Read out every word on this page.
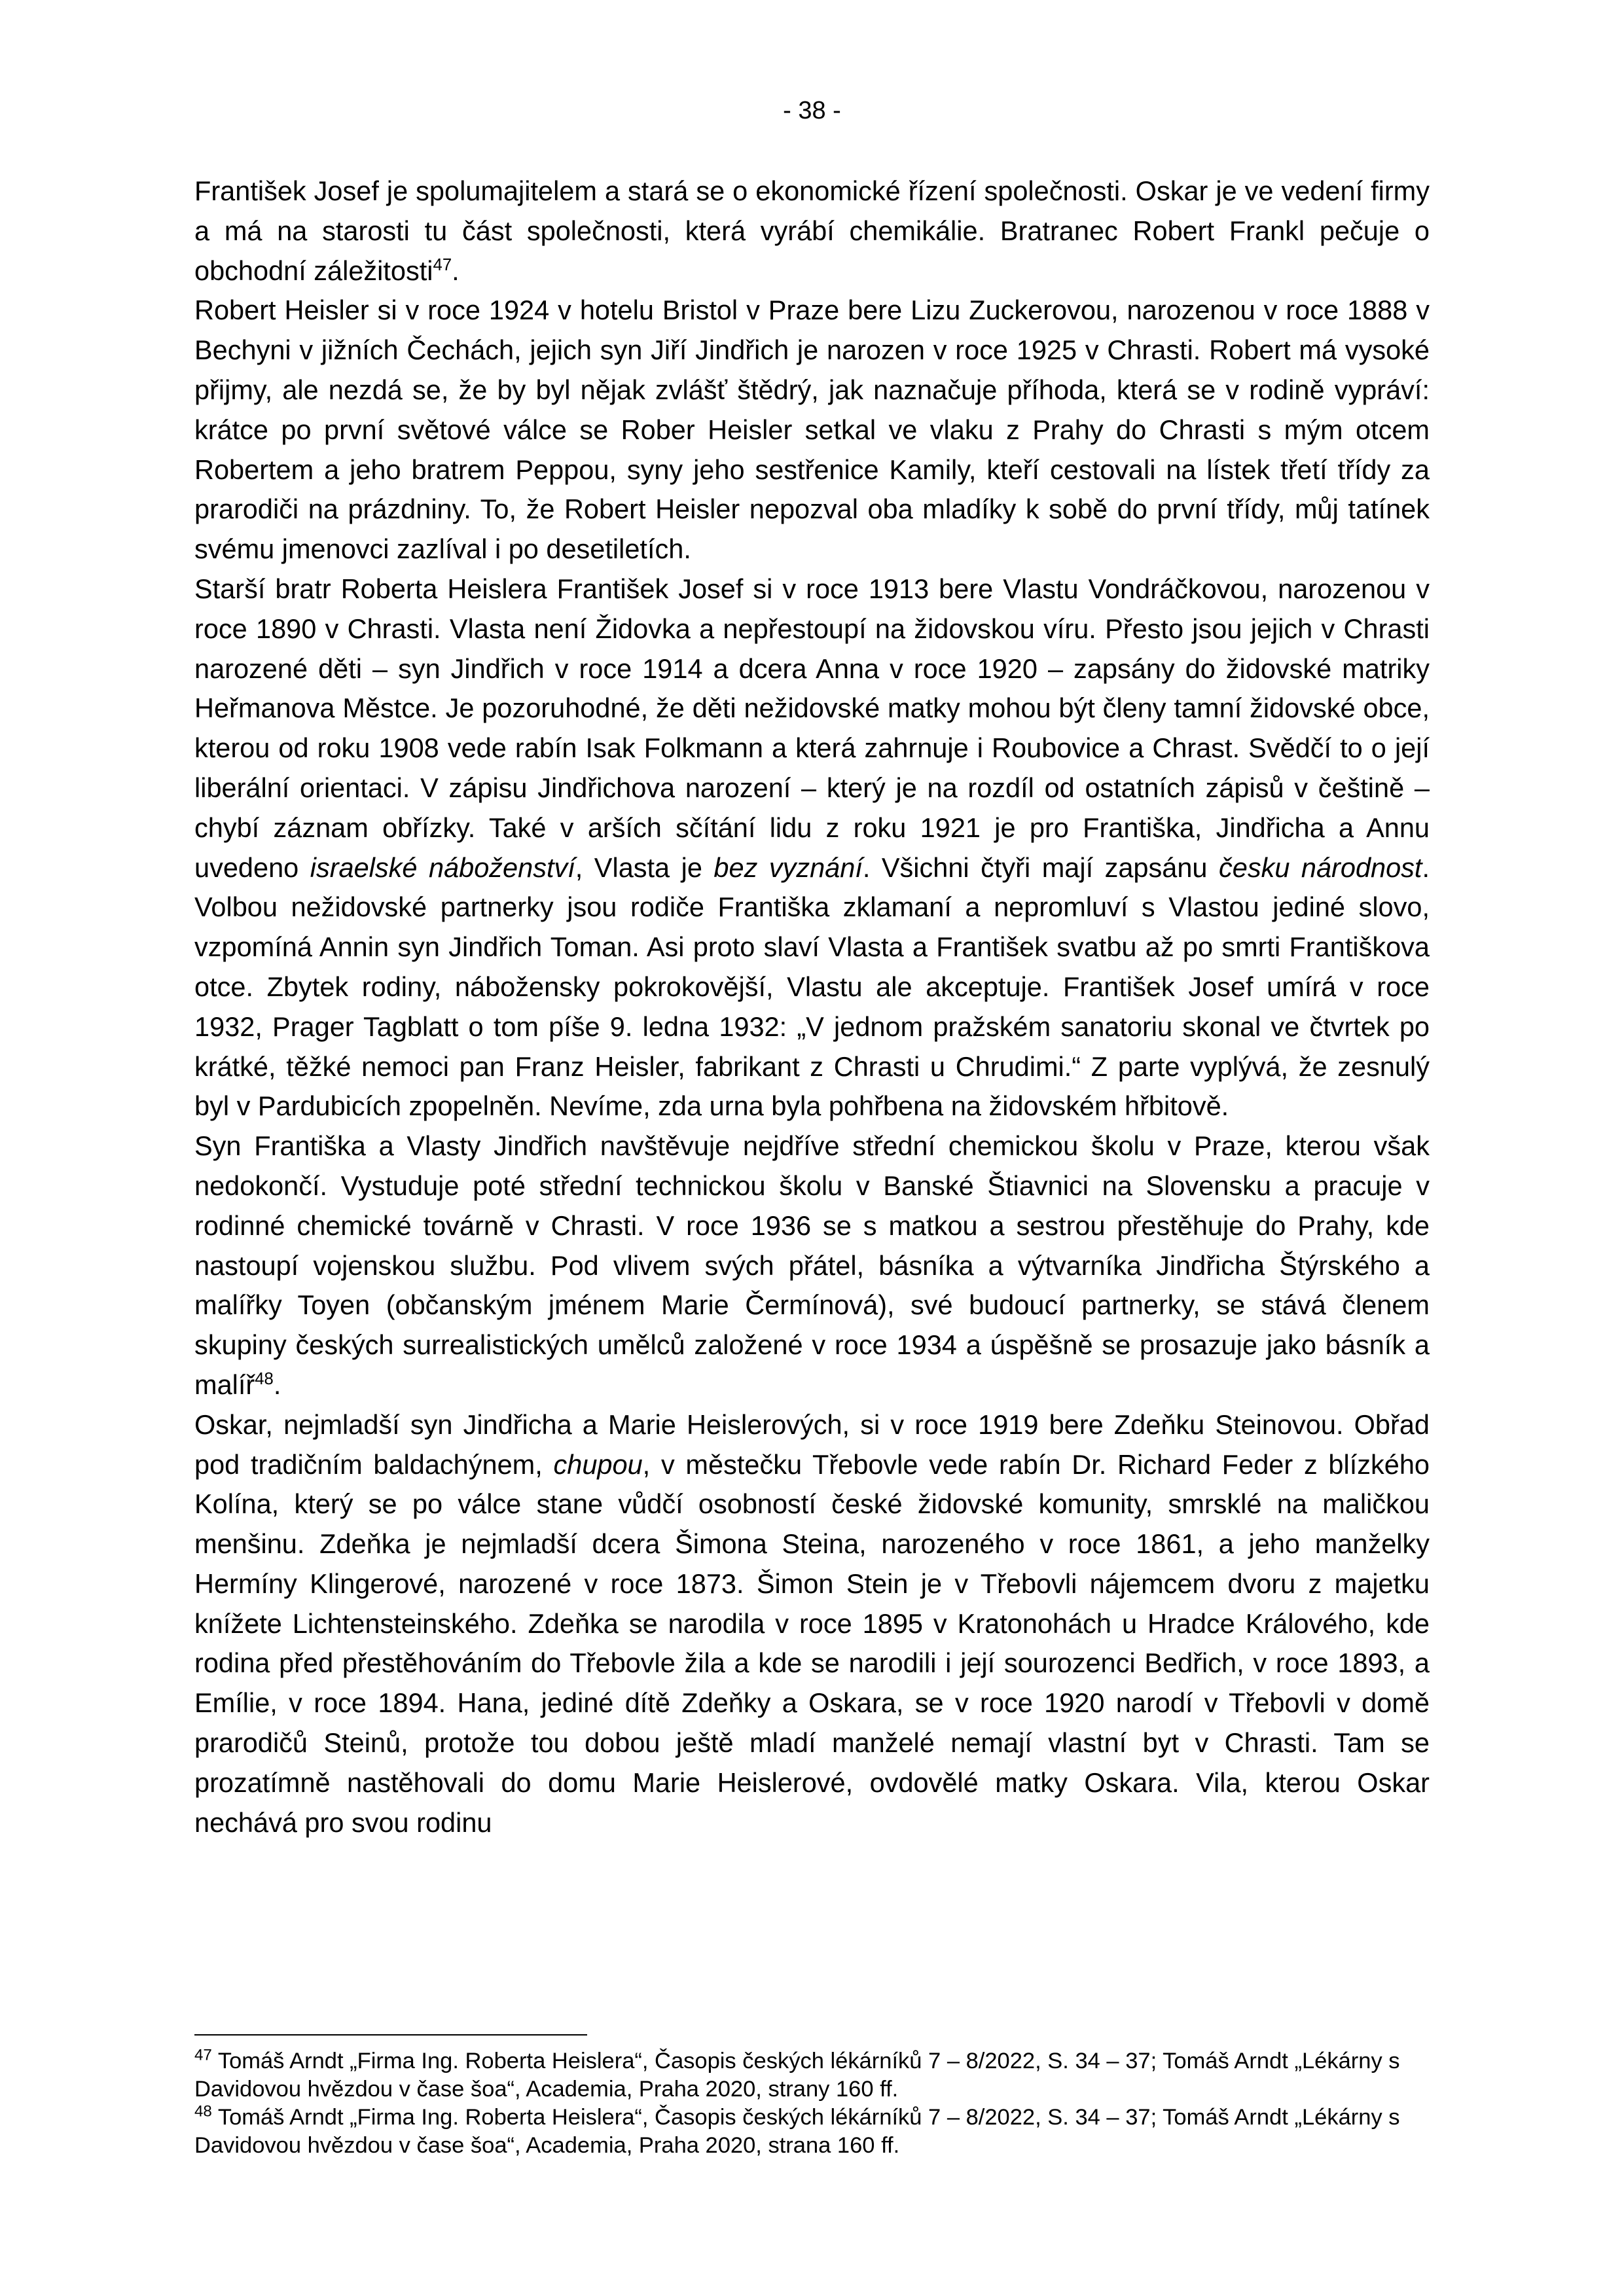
- 38 -

František Josef je spolumajitelem a stará se o ekonomické řízení společnosti. Oskar je ve vedení firmy a má na starosti tu část společnosti, která vyrábí chemikálie. Bratranec Robert Frankl pečuje o obchodní záležitosti$^{47}$.

Robert Heisler si v roce 1924 v hotelu Bristol v Praze bere Lizu Zuckerovou, narozenou v roce 1888 v Bechyni v jižních Čechách, jejich syn Jiří Jindřich je narozen v roce 1925 v Chrasti. Robert má vysoké přijmy, ale nezdá se, že by byl nějak zvlášť štědrý, jak naznačuje příhoda, která se v rodině vypráví: krátce po první světové válce se Rober Heisler setkal ve vlaku z Prahy do Chrasti s mým otcem Robertem a jeho bratrem Peppou, syny jeho sestřenice Kamily, kteří cestovali na lístek třetí třídy za prarodiči na prázdniny. To, že Robert Heisler nepozval oba mladíky k sobě do první třídy, můj tatínek svému jmenovci zazlíval i po desetiletích.

Starší bratr Roberta Heislera František Josef si v roce 1913 bere Vlastu Vondráčkovou, narozenou v roce 1890 v Chrasti. Vlasta není Židovka a nepřestoupí na židovskou víru. Přesto jsou jejich v Chrasti narozené děti – syn Jindřich v roce 1914 a dcera Anna v roce 1920 – zapsány do židovské matriky Heřmanova Městce. Je pozoruhodné, že děti nežidovské matky mohou být členy tamní židovské obce, kterou od roku 1908 vede rabín Isak Folkmann a která zahrnuje i Roubovice a Chrast. Svědčí to o její liberální orientaci. V zápisu Jindřichova narození – který je na rozdíl od ostatních zápisů v češtině – chybí záznam obřízky. Také v arších sčítání lidu z roku 1921 je pro Františka, Jindřicha a Annu uvedeno israelské náboženství, Vlasta je bez vyznání. Všichni čtyři mají zapsánu česku národnost. Volbou nežidovské partnerky jsou rodiče Františka zklamaní a nepromluví s Vlastou jediné slovo, vzpomíná Annin syn Jindřich Toman. Asi proto slaví Vlasta a František svatbu až po smrti Františkova otce. Zbytek rodiny, nábožensky pokrokovější, Vlastu ale akceptuje. František Josef umírá v roce 1932, Prager Tagblatt o tom píše 9. ledna 1932: „V jednom pražském sanatoriu skonal ve čtvrtek po krátké, těžké nemoci pan Franz Heisler, fabrikant z Chrasti u Chrudimi.“ Z parte vyplývá, že zesnulý byl v Pardubicích zpopelněn. Nevíme, zda urna byla pohřbena na židovském hřbitově.

Syn Františka a Vlasty Jindřich navštěvuje nejdříve střední chemickou školu v Praze, kterou však nedokončí. Vystuduje poté střední technickou školu v Banské Štiavnici na Slovensku a pracuje v rodinné chemické továrně v Chrasti. V roce 1936 se s matkou a sestrou přestěhuje do Prahy, kde nastoupí vojenskou službu. Pod vlivem svých přátel, básníka a výtvarníka Jindřicha Štýrského a malířky Toyen (občanským jménem Marie Čermínová), své budoucí partnerky, se stává členem skupiny českých surrealistických umělců založené v roce 1934 a úspěšně se prosazuje jako básník a malíř$^{48}$.

Oskar, nejmladší syn Jindřicha a Marie Heislerových, si v roce 1919 bere Zdeňku Steinovou. Obřad pod tradičním baldachýnem, chupou, v městečku Třebovle vede rabín Dr. Richard Feder z blízkého Kolína, který se po válce stane vůdčí osobností české židovské komunity, smrsklé na maličkou menšinu. Zdeňka je nejmladší dcera Šimona Steina, narozeného v roce 1861, a jeho manželky Hermíny Klingerové, narozené v roce 1873. Šimon Stein je v Třebovli nájemcem dvoru z majetku knížete Lichtensteinského. Zdeňka se narodila v roce 1895 v Kratonohách u Hradce Králového, kde rodina před přestěhováním do Třebovle žila a kde se narodili i její sourozenci Bedřich, v roce 1893, a Emílie, v roce 1894. Hana, jediné dítě Zdeňky a Oskara, se v roce 1920 narodí v Třebovli v domě prarodičů Steinů, protože tou dobou ještě mladí manželé nemají vlastní byt v Chrasti. Tam se prozatímně nastěhovali do domu Marie Heislerové, ovdovělé matky Oskara. Vila, kterou Oskar nechává pro svou rodinu

$^{47}$ Tomáš Arndt „Firma Ing. Roberta Heislera“, Časopis českých lékárníků 7 – 8/2022, S. 34 – 37; Tomáš Arndt „Lékárny s Davidovou hvězdou v čase šoa“, Academia, Praha 2020, strany 160 ff.

$^{48}$ Tomáš Arndt „Firma Ing. Roberta Heislera“, Časopis českých lékárníků 7 – 8/2022, S. 34 – 37; Tomáš Arndt „Lékárny s Davidovou hvězdou v čase šoa“, Academia, Praha 2020, strana 160 ff.
